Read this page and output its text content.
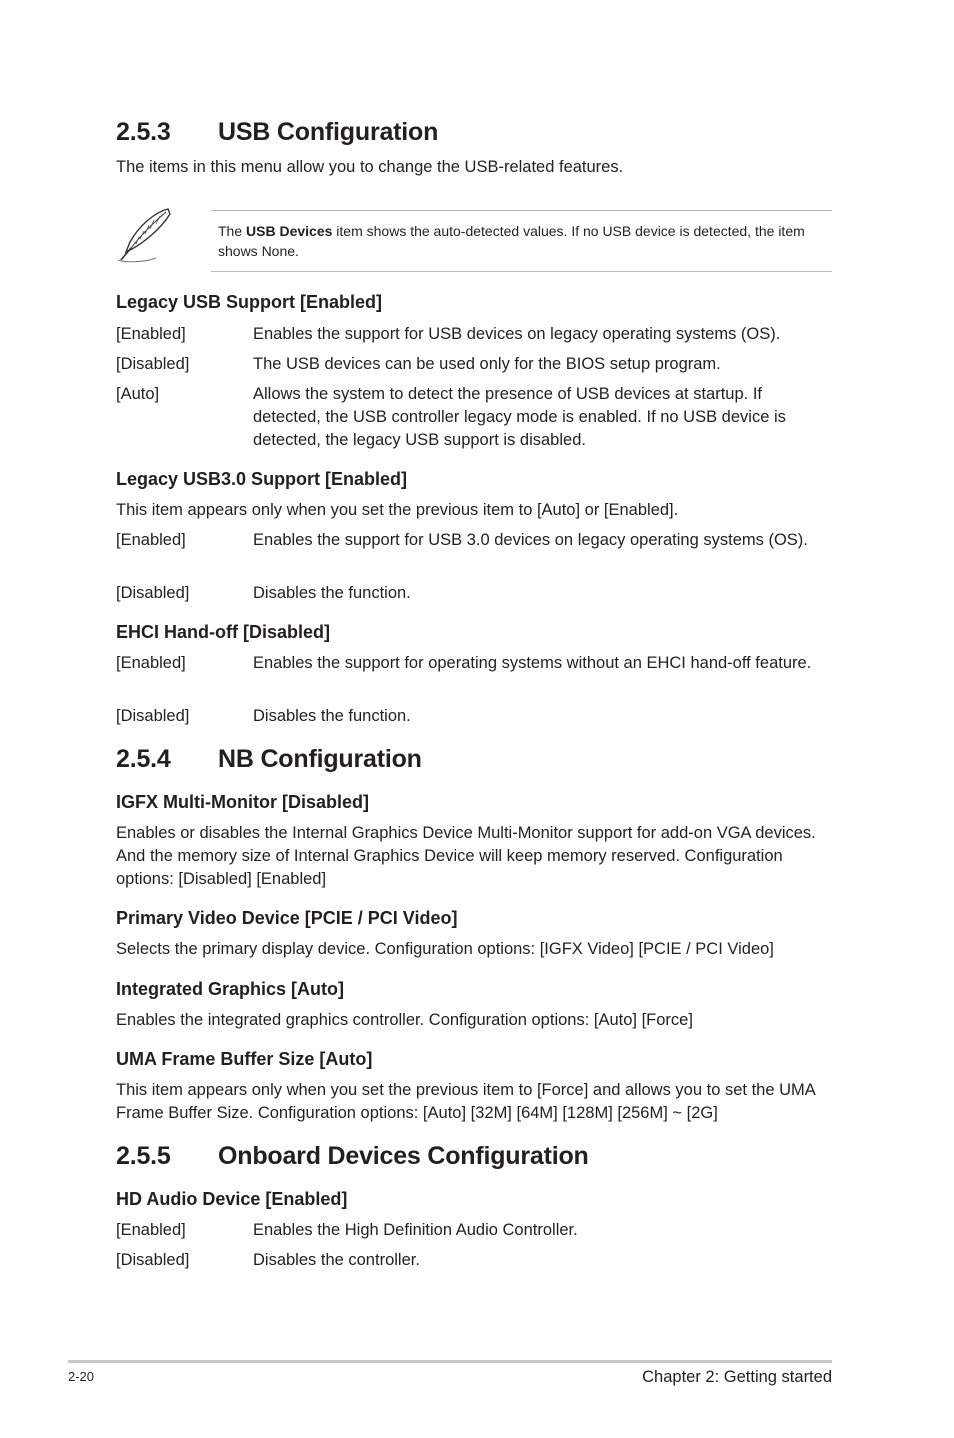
2.5.3 USB Configuration
The items in this menu allow you to change the USB-related features.
The USB Devices item shows the auto-detected values. If no USB device is detected, the item shows None.
Legacy USB Support [Enabled]
[Enabled]	Enables the support for USB devices on legacy operating systems (OS).
[Disabled]	The USB devices can be used only for the BIOS setup program.
[Auto]	Allows the system to detect the presence of USB devices at startup. If detected, the USB controller legacy mode is enabled. If no USB device is detected, the legacy USB support is disabled.
Legacy USB3.0 Support [Enabled]
This item appears only when you set the previous item to [Auto] or [Enabled].
[Enabled]	Enables the support for USB 3.0 devices on legacy operating systems (OS).
[Disabled]	Disables the function.
EHCI Hand-off [Disabled]
[Enabled]	Enables the support for operating systems without an EHCI hand-off feature.
[Disabled]	Disables the function.
2.5.4 NB Configuration
IGFX Multi-Monitor [Disabled]
Enables or disables the Internal Graphics Device Multi-Monitor support for add-on VGA devices. And the memory size of Internal Graphics Device will keep memory reserved. Configuration options: [Disabled] [Enabled]
Primary Video Device [PCIE / PCI Video]
Selects the primary display device. Configuration options: [IGFX Video] [PCIE / PCI Video]
Integrated Graphics [Auto]
Enables the integrated graphics controller. Configuration options: [Auto] [Force]
UMA Frame Buffer Size [Auto]
This item appears only when you set the previous item to [Force] and allows you to set the UMA Frame Buffer Size. Configuration options: [Auto] [32M] [64M] [128M] [256M] ~ [2G]
2.5.5 Onboard Devices Configuration
HD Audio Device [Enabled]
[Enabled]	Enables the High Definition Audio Controller.
[Disabled]	Disables the controller.
2-20	Chapter 2: Getting started
